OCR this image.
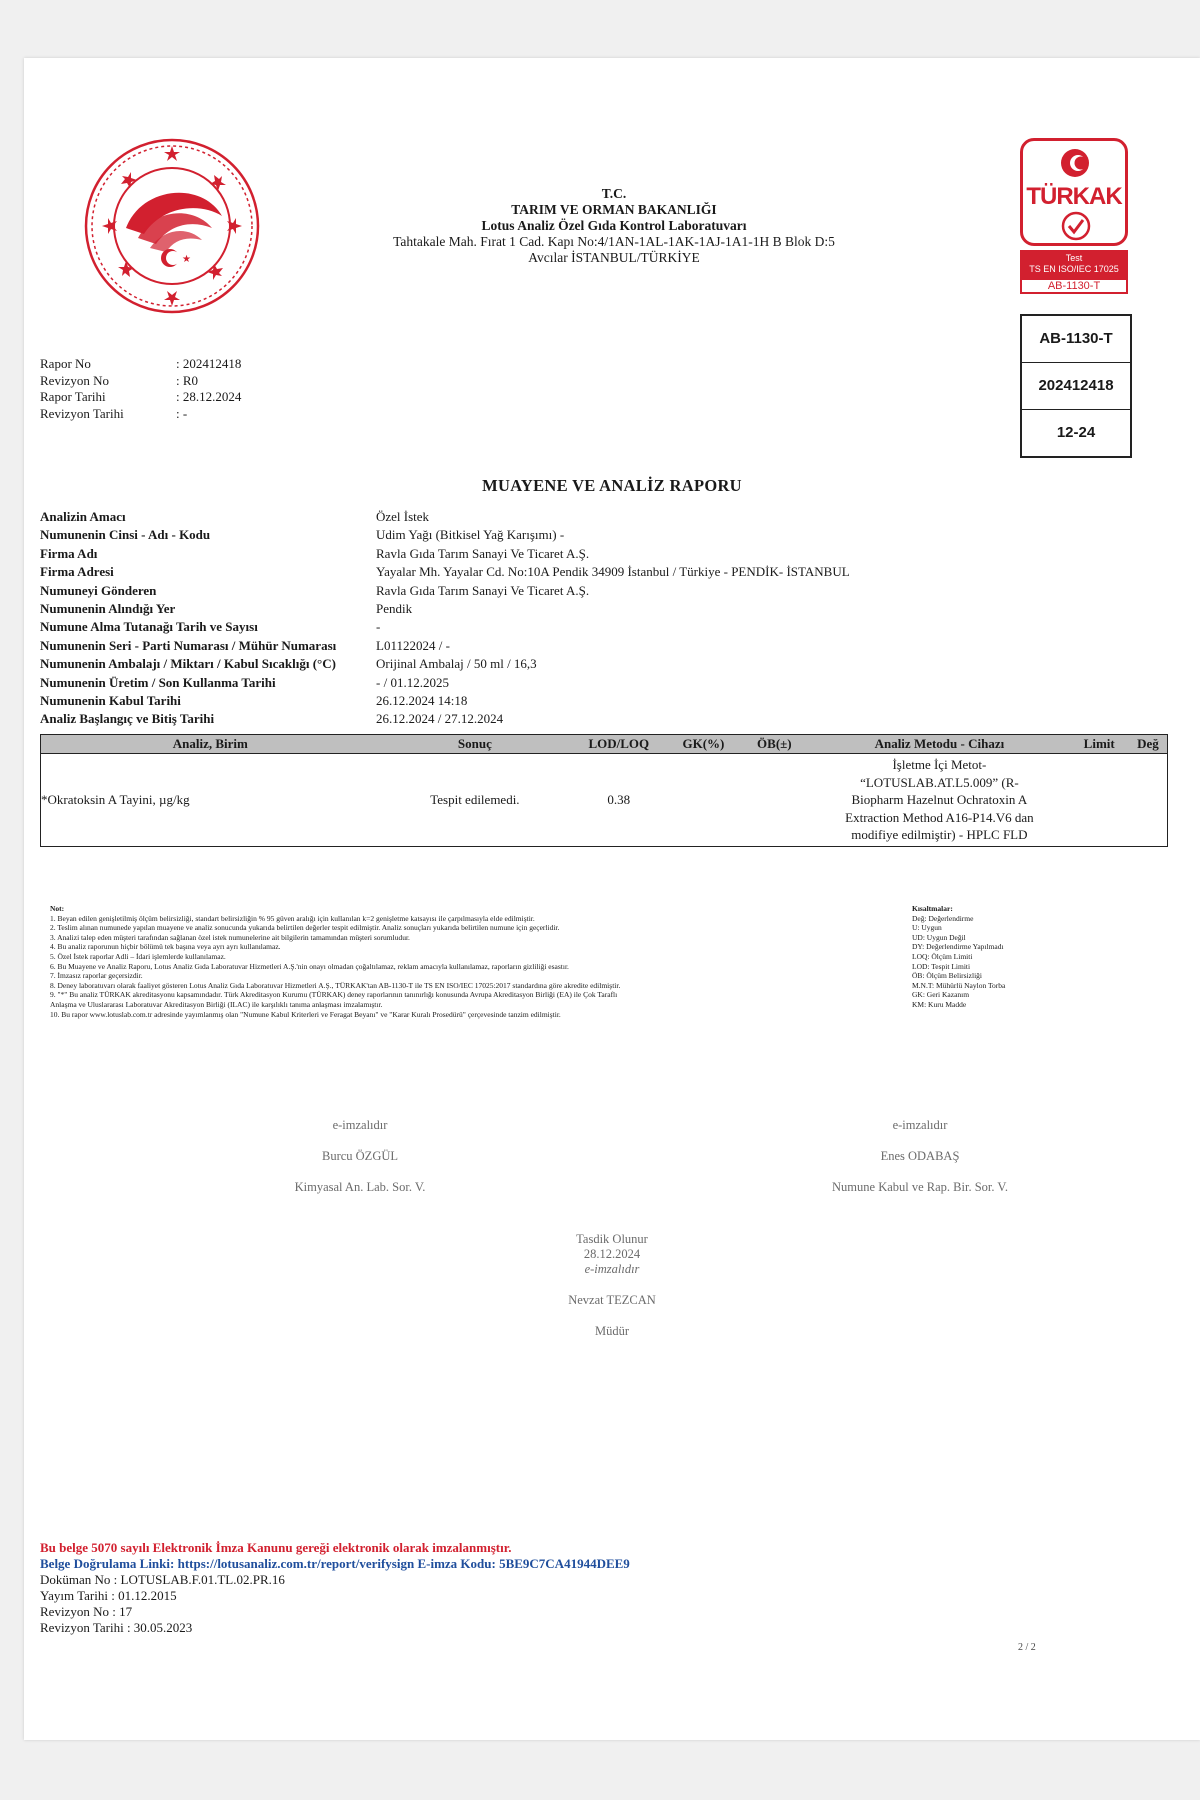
★
T.C.
TARIM VE ORMAN BAKANLIĞI
Lotus Analiz Özel Gıda Kontrol Laboratuvarı
Tahtakale Mah. Fırat 1 Cad. Kapı No:4/1AN-1AL-1AK-1AJ-1A1-1H B Blok D:5
Avcılar İSTANBUL/TÜRKİYE
TÜRKAK
Test
TS EN ISO/IEC 17025
AB-1130-T
AB-1130-T
202412418
12-24
Rapor No	: 202412418
Revizyon No	: R0
Rapor Tarihi	: 28.12.2024
Revizyon Tarihi	: -
MUAYENE VE ANALİZ RAPORU
Analizin Amacı	Özel İstek
Numunenin Cinsi - Adı - Kodu	Udim Yağı (Bitkisel Yağ Karışımı) -
Firma Adı	Ravla Gıda Tarım Sanayi Ve Ticaret A.Ş.
Firma Adresi	Yayalar Mh. Yayalar Cd. No:10A Pendik 34909 İstanbul / Türkiye - PENDİK- İSTANBUL
Numuneyi Gönderen	Ravla Gıda Tarım Sanayi Ve Ticaret A.Ş.
Numunenin Alındığı Yer	Pendik
Numune Alma Tutanağı Tarih ve Sayısı	-
Numunenin Seri - Parti Numarası / Mühür Numarası	L01122024 / -
Numunenin Ambalajı / Miktarı / Kabul Sıcaklığı (°C)	Orijinal Ambalaj / 50 ml / 16,3
Numunenin Üretim / Son Kullanma Tarihi	- / 01.12.2025
Numunenin Kabul Tarihi	26.12.2024 14:18
Analiz Başlangıç ve Bitiş Tarihi	26.12.2024 / 27.12.2024
Analiz, Birim	Sonuç	LOD/LOQ	GK(%)	ÖB(±)	Analiz Metodu - Cihazı	Limit	Değ
*Okratoksin A Tayini, µg/kg	Tespit edilemedi.	0.38			İşletme İçi Metot-
“LOTUSLAB.AT.L5.009” (R-
Biopharm Hazelnut Ochratoxin A
Extraction Method A16-P14.V6 dan
modifiye edilmiştir) - HPLC FLD		

Not:
1. Beyan edilen genişletilmiş ölçüm belirsizliği, standart belirsizliğin % 95 güven aralığı için kullanılan k=2 genişletme katsayısı ile çarpılmasıyla elde edilmiştir.
2. Teslim alınan numunede yapılan muayene ve analiz sonucunda yukarıda belirtilen değerler tespit edilmiştir. Analiz sonuçları yukarıda belirtilen numune için geçerlidir.
3. Analizi talep eden müşteri tarafından sağlanan özel istek numunelerine ait bilgilerin tamamından müşteri sorumludur.
4. Bu analiz raporunun hiçbir bölümü tek başına veya ayrı ayrı kullanılamaz.
5. Özel İstek raporlar Adli – İdari işlemlerde kullanılamaz.
6. Bu Muayene ve Analiz Raporu, Lotus Analiz Gıda Laboratuvar Hizmetleri A.Ş.'nin onayı olmadan çoğaltılamaz, reklam amacıyla kullanılamaz, raporların gizliliği esastır.
7. İmzasız raporlar geçersizdir.
8. Deney laboratuvarı olarak faaliyet gösteren Lotus Analiz Gıda Laboratuvar Hizmetleri A.Ş., TÜRKAK'tan AB-1130-T ile TS EN ISO/IEC 17025:2017 standardına göre akredite edilmiştir.
9. "*" Bu analiz TÜRKAK akreditasyonu kapsamındadır. Türk Akreditasyon Kurumu (TÜRKAK) deney raporlarının tanınırlığı konusunda Avrupa Akreditasyon Birliği (EA) ile Çok Taraflı
Anlaşma ve Uluslararası Laboratuvar Akreditasyon Birliği (ILAC) ile karşılıklı tanıma anlaşması imzalamıştır.
10. Bu rapor www.lotuslab.com.tr adresinde yayımlanmış olan "Numune Kabul Kriterleri ve Feragat Beyanı" ve "Karar Kuralı Prosedürü" çerçevesinde tanzim edilmiştir.
Kısaltmalar:
Değ: Değerlendirme
U: Uygun
UD: Uygun Değil
DY: Değerlendirme Yapılmadı
LOQ: Ölçüm Limiti
LOD: Tespit Limiti
ÖB: Ölçüm Belirsizliği
M.N.T: Mühürlü Naylon Torba
GK: Geri Kazanım
KM: Kuru Madde
e-imzalıdır
Burcu ÖZGÜL
Kimyasal An. Lab. Sor. V.
e-imzalıdır
Enes ODABAŞ
Numune Kabul ve Rap. Bir. Sor. V.
Tasdik Olunur
28.12.2024
e-imzalıdır
Nevzat TEZCAN
Müdür
Bu belge 5070 sayılı Elektronik İmza Kanunu gereği elektronik olarak imzalanmıştır.
Belge Doğrulama Linki: https://lotusanaliz.com.tr/report/verifysign E-imza Kodu: 5BE9C7CA41944DEE9
Doküman No : LOTUSLAB.F.01.TL.02.PR.16
Yayım Tarihi : 01.12.2015
Revizyon No : 17
Revizyon Tarihi : 30.05.2023
2 / 2
